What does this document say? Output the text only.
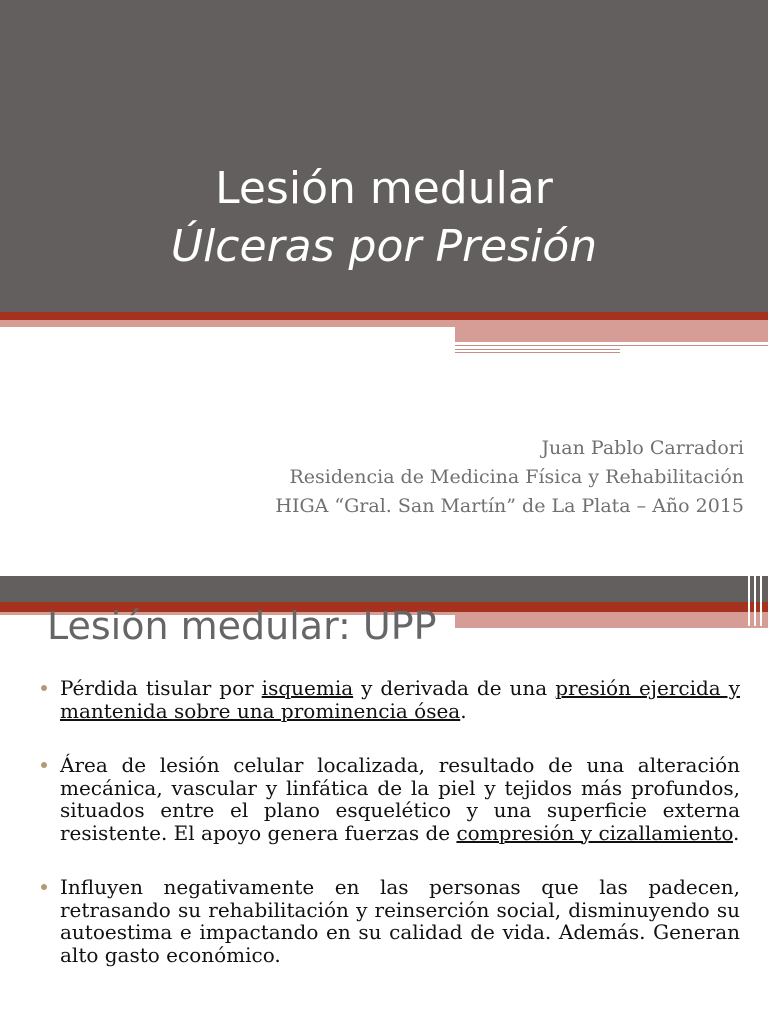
Lesión medular
Úlceras por Presión
Juan Pablo Carradori
Residencia de Medicina Física y Rehabilitación
HIGA “Gral. San Martín” de La Plata – Año 2015
Lesión medular: UPP
Pérdida tisular por isquemia y derivada de una presión ejercida y mantenida sobre una prominencia ósea.
Área de lesión celular localizada, resultado de una alteración mecánica, vascular y linfática de la piel y tejidos más profundos, situados entre el plano esquelético y una superficie externa resistente. El apoyo genera fuerzas de compresión y cizallamiento.
Influyen negativamente en las personas que las padecen, retrasando su rehabilitación y reinserción social, disminuyendo su autoestima e impactando en su calidad de vida. Además. Generan alto gasto económico.
